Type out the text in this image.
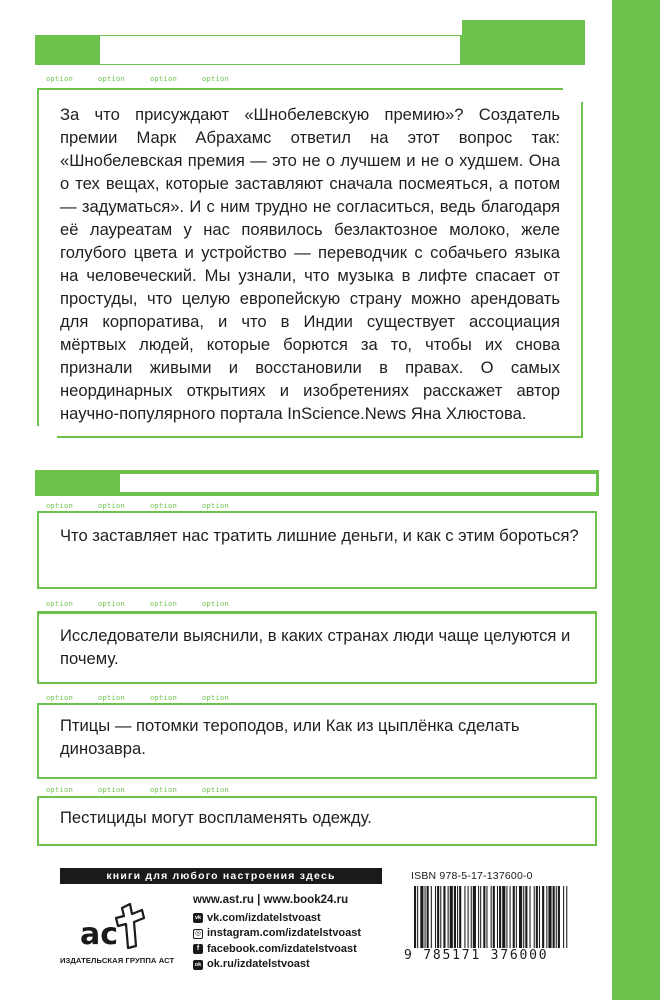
option	option	option	option
За что присуждают «Шнобелевскую премию»? Создатель премии Марк Абрахамс ответил на этот вопрос так: «Шнобелевская премия — это не о лучшем и не о худшем. Она о тех вещах, которые заставляют сначала посмеяться, а потом — задуматься». И с ним трудно не согласиться, ведь благодаря её лауреатам у нас появилось безлактозное молоко, желе голубого цвета и устройство — переводчик с собачьего языка на человеческий. Мы узнали, что музыка в лифте спасает от простуды, что целую европейскую страну можно арендовать для корпоратива, и что в Индии существует ассоциация мёртвых людей, которые борются за то, чтобы их снова признали живыми и восстановили в правах. О самых неординарных открытиях и изобретениях расскажет автор научно-популярного портала InScience.News Яна Хлюстова.
option	option	option	option
Что заставляет нас тратить лишние деньги, и как с этим бороться?
option	option	option	option
Исследователи выяснили, в каких странах люди чаще целуются и почему.
option	option	option	option
Птицы — потомки тероподов, или Как из цыплёнка сделать динозавра.
option	option	option	option
Пестициды могут воспламенять одежду.
книги для любого настроения здесь
ac
ИЗДАТЕЛЬСКАЯ ГРУППА АСТ
www.ast.ru | www.book24.ru
vk vk.com/izdatelstvoast
◎ instagram.com/izdatelstvoast
f facebook.com/izdatelstvoast
ok ok.ru/izdatelstvoast
ISBN 978-5-17-137600-0
9 785171 376000
